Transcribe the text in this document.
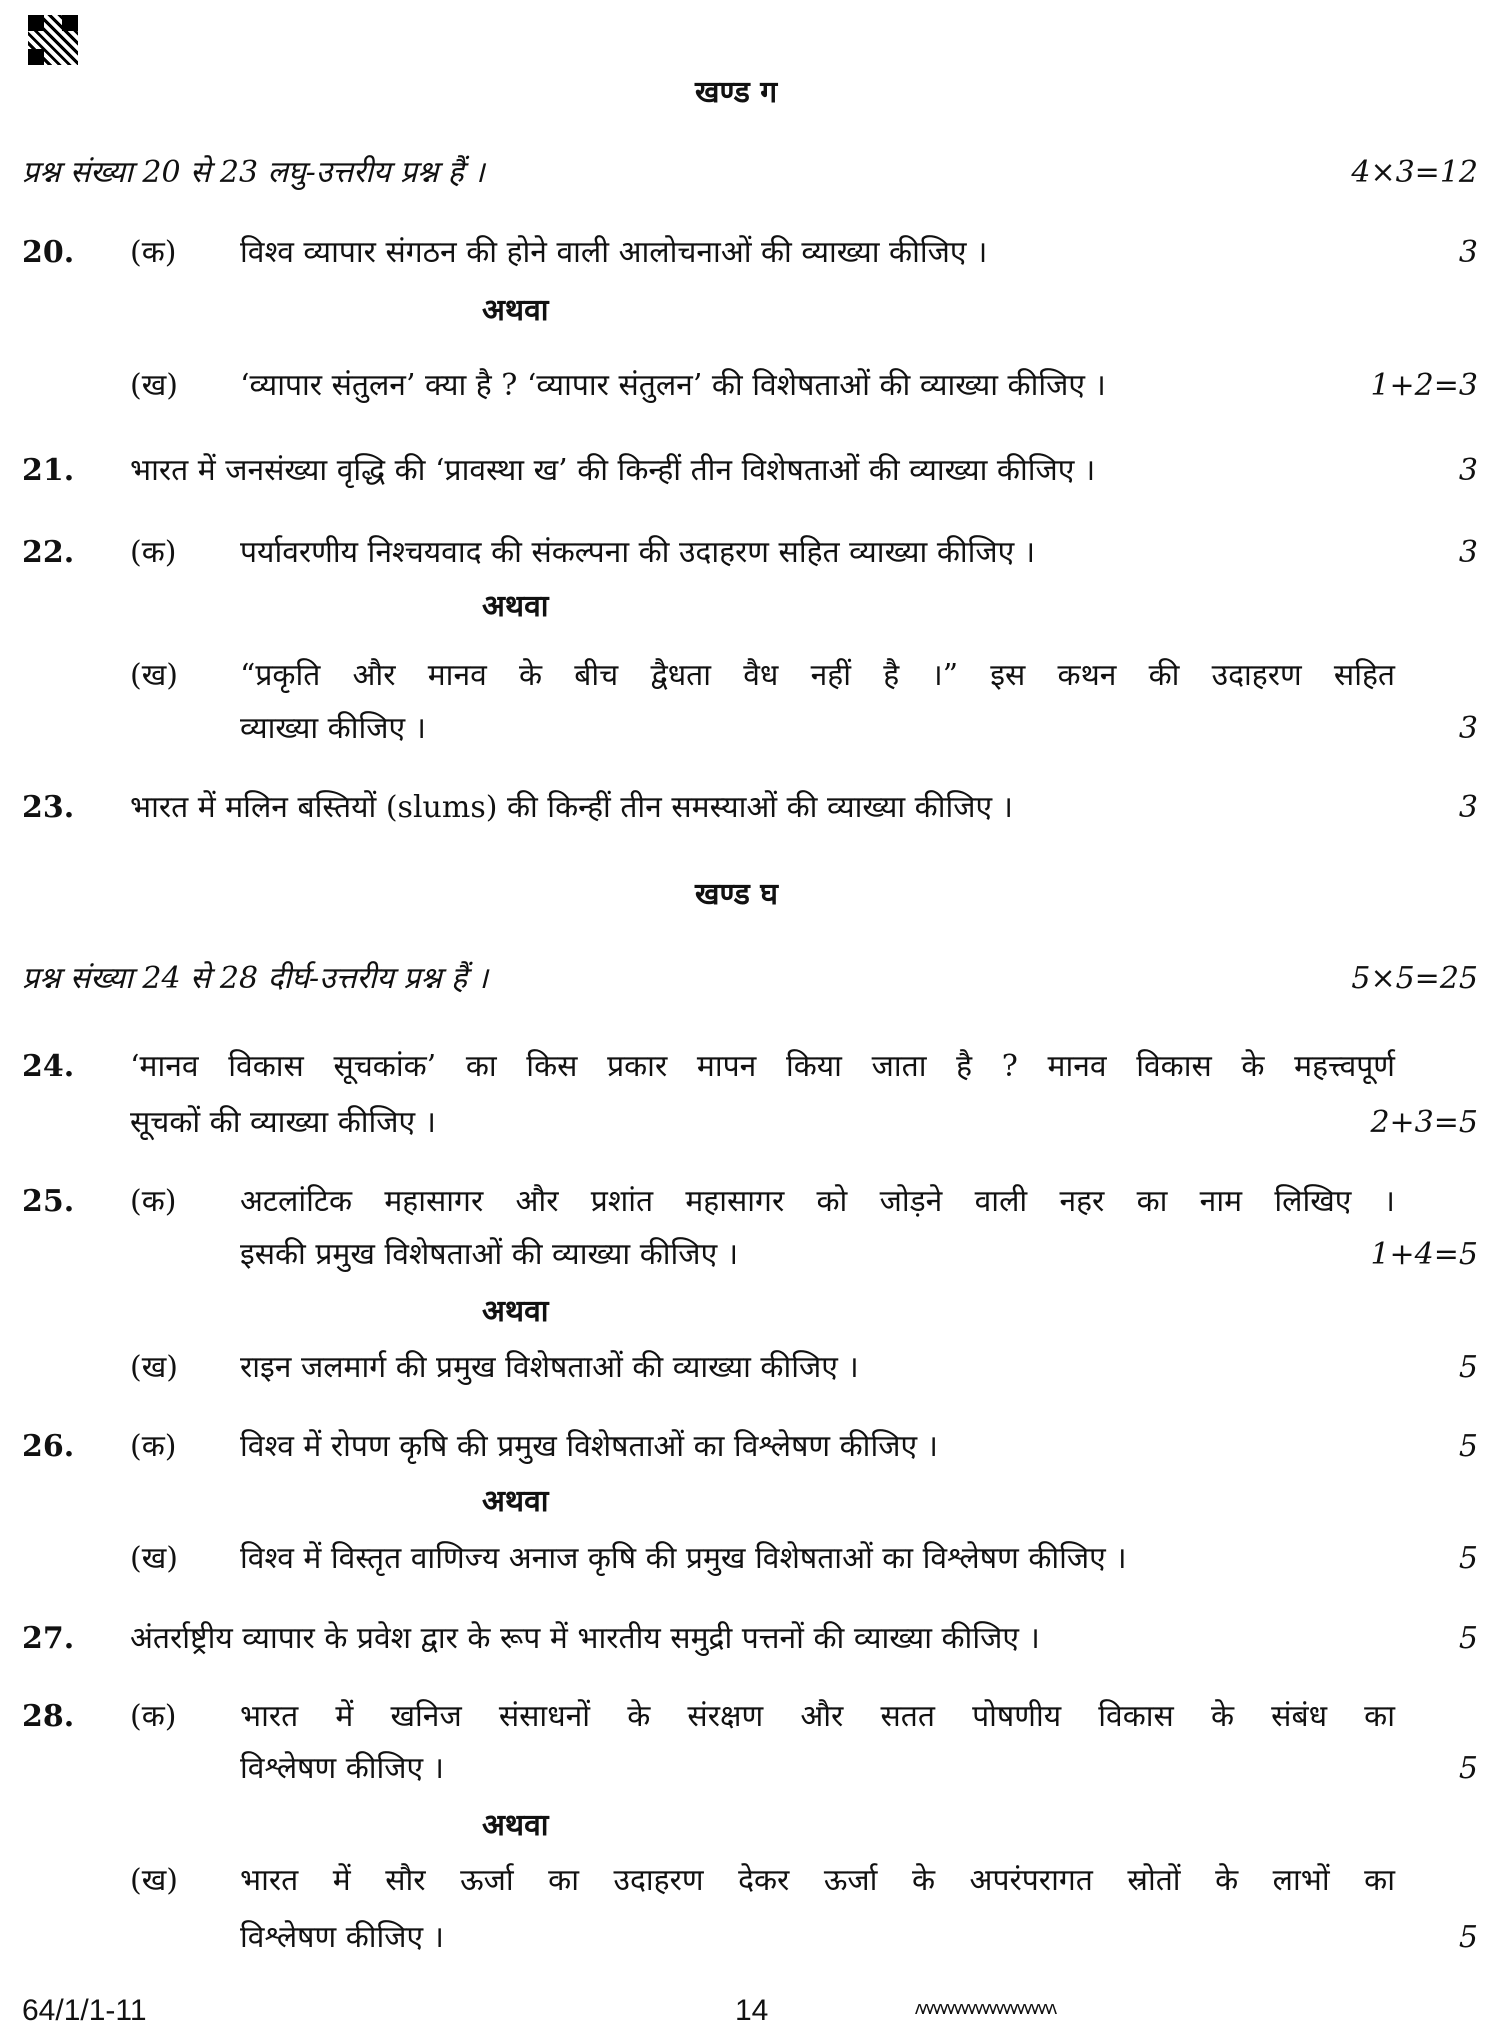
खण्ड ग
प्रश्न संख्या 20 से 23 लघु-उत्तरीय प्रश्न हैं ।	4×3=12
20. (क) विश्व व्यापार संगठन की होने वाली आलोचनाओं की व्याख्या कीजिए ।	3
अथवा
(ख) ‘व्यापार संतुलन’ क्या है ? ‘व्यापार संतुलन’ की विशेषताओं की व्याख्या कीजिए ।	1+2=3
21. भारत में जनसंख्या वृद्धि की ‘प्रावस्था ख’ की किन्हीं तीन विशेषताओं की व्याख्या कीजिए ।	3
22. (क) पर्यावरणीय निश्चयवाद की संकल्पना की उदाहरण सहित व्याख्या कीजिए ।	3
अथवा
(ख) “प्रकृति और मानव के बीच द्वैधता वैध नहीं है ।” इस कथन की उदाहरण सहित
व्याख्या कीजिए ।	3
23. भारत में मलिन बस्तियों (slums) की किन्हीं तीन समस्याओं की व्याख्या कीजिए ।	3
खण्ड घ
प्रश्न संख्या 24 से 28 दीर्घ-उत्तरीय प्रश्न हैं ।	5×5=25
24. ‘मानव विकास सूचकांक’ का किस प्रकार मापन किया जाता है ? मानव विकास के महत्त्वपूर्ण
सूचकों की व्याख्या कीजिए ।	2+3=5
25. (क) अटलांटिक महासागर और प्रशांत महासागर को जोड़ने वाली नहर का नाम लिखिए ।
इसकी प्रमुख विशेषताओं की व्याख्या कीजिए ।	1+4=5
अथवा
(ख) राइन जलमार्ग की प्रमुख विशेषताओं की व्याख्या कीजिए ।	5
26. (क) विश्व में रोपण कृषि की प्रमुख विशेषताओं का विश्लेषण कीजिए ।	5
अथवा
(ख) विश्व में विस्तृत वाणिज्य अनाज कृषि की प्रमुख विशेषताओं का विश्लेषण कीजिए ।	5
27. अंतर्राष्ट्रीय व्यापार के प्रवेश द्वार के रूप में भारतीय समुद्री पत्तनों की व्याख्या कीजिए ।	5
28. (क) भारत में खनिज संसाधनों के संरक्षण और सतत पोषणीय विकास के संबंध का
विश्लेषण कीजिए ।	5
अथवा
(ख) भारत में सौर ऊर्जा का उदाहरण देकर ऊर्जा के अपरंपरागत स्रोतों के लाभों का
विश्लेषण कीजिए ।	5
64/1/1-11	14	ᴧᴧᴧᴧᴧᴧᴧᴧᴧᴧᴧᴧᴧᴧᴧᴧᴧᴧᴧᴧ
